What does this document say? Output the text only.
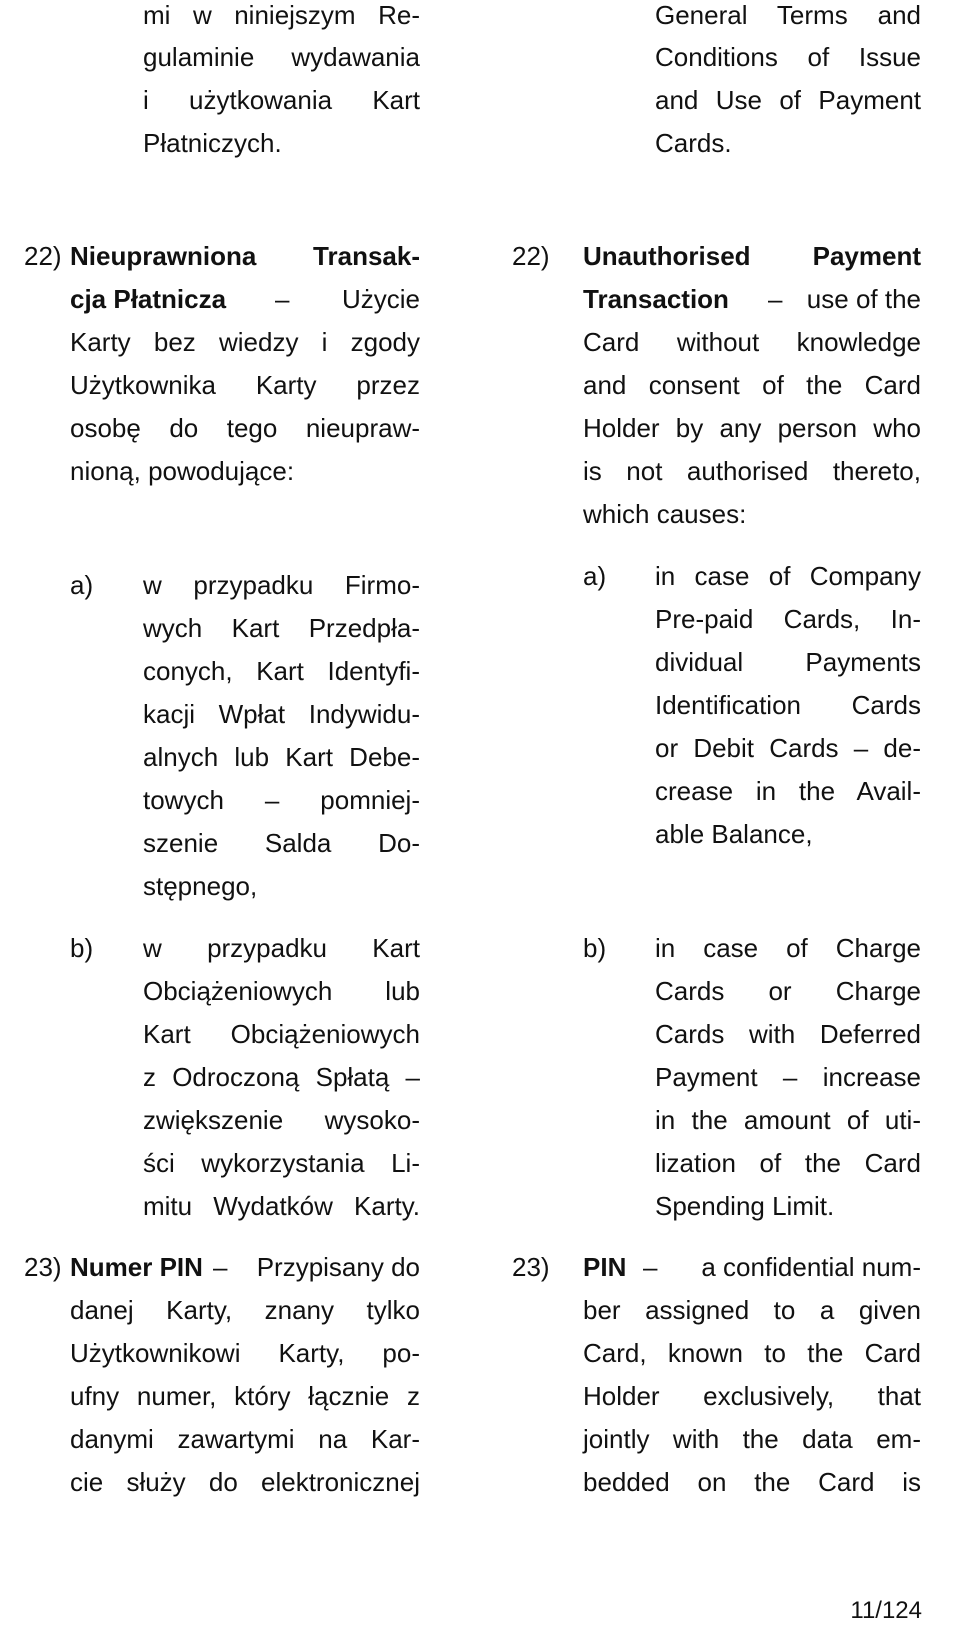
mi w niniejszym Re-
gulaminie wydawania
i użytkowania Kart
Płatniczych.
General Terms and
Conditions of Issue
and Use of Payment
Cards.
22) Nieuprawniona Transak-
cja Płatnicza – Użycie
Karty bez wiedzy i zgody
Użytkownika Karty przez
osobę do tego nieupraw-
nioną, powodujące:
a) w przypadku Firmo-
wych Kart Przedpła-
conych, Kart Identyfi-
kacji Wpłat Indywidu-
alnych lub Kart Debe-
towych – pomniej-
szenie Salda Do-
stępnego,
b) w przypadku Kart
Obciążeniowych lub
Kart Obciążeniowych
z Odroczoną Spłatą –
zwiększenie wysoko-
ści wykorzystania Li-
mitu Wydatków Karty.
22) Unauthorised Payment
Transaction – use of the
Card without knowledge
and consent of the Card
Holder by any person who
is not authorised thereto,
which causes:
a) in case of Company
Pre-paid Cards, In-
dividual Payments
Identification Cards
or Debit Cards – de-
crease in the Avail-
able Balance,
b) in case of Charge
Cards or Charge
Cards with Deferred
Payment – increase
in the amount of uti-
lization of the Card
Spending Limit.
23) Numer PIN – Przypisany do
danej Karty, znany tylko
Użytkownikowi Karty, po-
ufny numer, który łącznie z
danymi zawartymi na Kar-
cie służy do elektronicznej
23) PIN – a confidential num-
ber assigned to a given
Card, known to the Card
Holder exclusively, that
jointly with the data em-
bedded on the Card is
11/124
